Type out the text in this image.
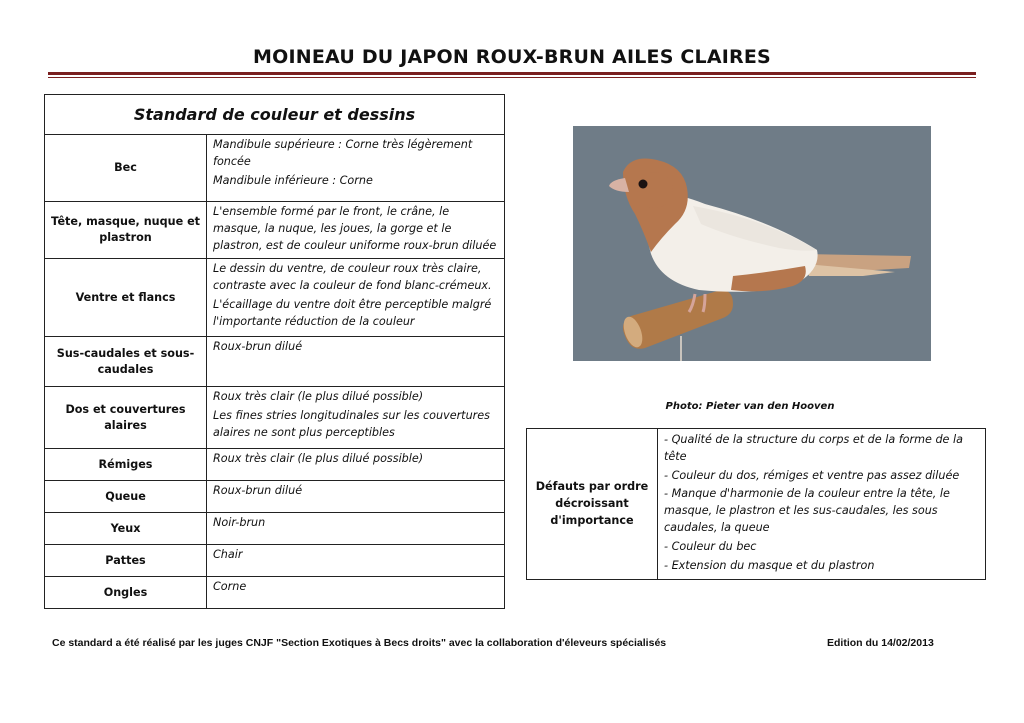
MOINEAU DU JAPON ROUX-BRUN AILES CLAIRES
Standard de couleur et dessins	
Bec	Mandibule supérieure : Corne très légèrement foncée

Mandibule inférieure : Corne

Tête, masque, nuque et plastron	L'ensemble formé par le front, le crâne, le masque, la nuque, les joues, la gorge et le plastron, est de couleur uniforme roux-brun diluée

Ventre et flancs	Le dessin du ventre, de couleur roux très claire, contraste avec la couleur de fond blanc-crémeux.

L'écaillage du ventre doit être perceptible malgré l'importante réduction de la couleur

Sus-caudales et sous-caudales	Roux-brun dilué

Dos et couvertures alaires	Roux très clair (le plus dilué possible)

Les fines stries longitudinales sur les couvertures alaires ne sont plus perceptibles

Rémiges	Roux très clair (le plus dilué possible)

Queue	Roux-brun dilué

Yeux	Noir-brun

Pattes	Chair

Ongles	Corne

Photo: Pieter van den Hooven
Défauts par ordre décroissant d'importance	

- Qualité de la structure du corps et de la forme de la tête

- Couleur du dos, rémiges et ventre pas assez diluée

- Manque d'harmonie de la couleur entre la tête, le masque, le plastron et les sus-caudales, les sous caudales, la queue

- Couleur du bec

- Extension du masque et du plastron

Ce standard a été réalisé par les juges CNJF "Section Exotiques à Becs droits" avec la collaboration d'éleveurs spécialisés	Edition du 14/02/2013
